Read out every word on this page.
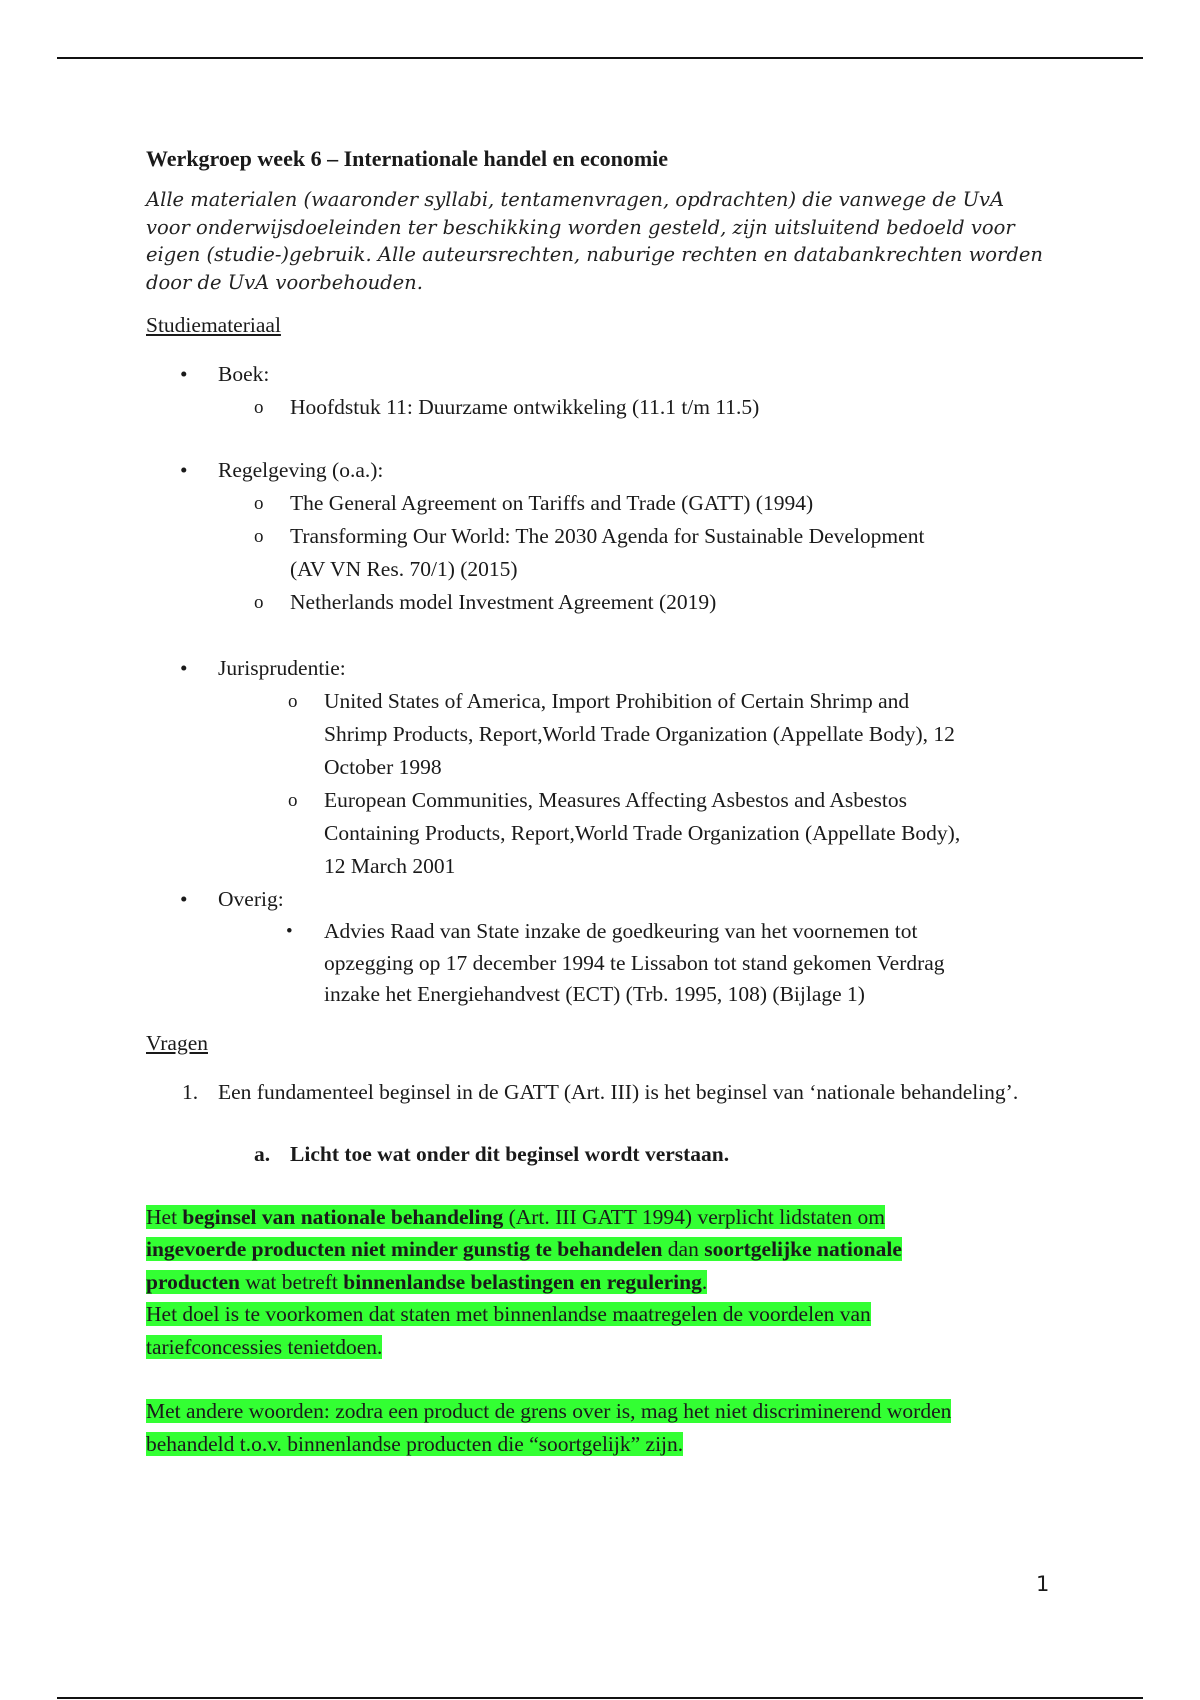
Werkgroep week 6 – Internationale handel en economie

Alle materialen (waaronder syllabi, tentamenvragen, opdrachten) die vanwege de UvA voor onderwijsdoeleinden ter beschikking worden gesteld, zijn uitsluitend bedoeld voor eigen (studie-)gebruik. Alle auteursrechten, naburige rechten en databankrechten worden door de UvA voorbehouden.

Studiemateriaal

• Boek:
o Hoofdstuk 11: Duurzame ontwikkeling (11.1 t/m 11.5)
• Regelgeving (o.a.):
o The General Agreement on Tariffs and Trade (GATT) (1994)
o Transforming Our World: The 2030 Agenda for Sustainable Development
(AV VN Res. 70/1) (2015)
o Netherlands model Investment Agreement (2019)
• Jurisprudentie:
o United States of America, Import Prohibition of Certain Shrimp and
Shrimp Products, Report,World Trade Organization (Appellate Body), 12
October 1998
o European Communities, Measures Affecting Asbestos and Asbestos
Containing Products, Report,World Trade Organization (Appellate Body),
12 March 2001
• Overig:
• Advies Raad van State inzake de goedkeuring van het voornemen tot
opzegging op 17 december 1994 te Lissabon tot stand gekomen Verdrag
inzake het Energiehandvest (ECT) (Trb. 1995, 108) (Bijlage 1)

Vragen

1. Een fundamenteel beginsel in de GATT (Art. III) is het beginsel van ‘nationale behandeling’.
a. Licht toe wat onder dit beginsel wordt verstaan.
Het beginsel van nationale behandeling (Art. III GATT 1994) verplicht lidstaten om
ingevoerde producten niet minder gunstig te behandelen dan soortgelijke nationale
producten wat betreft binnenlandse belastingen en regulering.
Het doel is te voorkomen dat staten met binnenlandse maatregelen de voordelen van
tariefconcessies tenietdoen.
Met andere woorden: zodra een product de grens over is, mag het niet discriminerend worden
behandeld t.o.v. binnenlandse producten die “soortgelijk” zijn.
1
